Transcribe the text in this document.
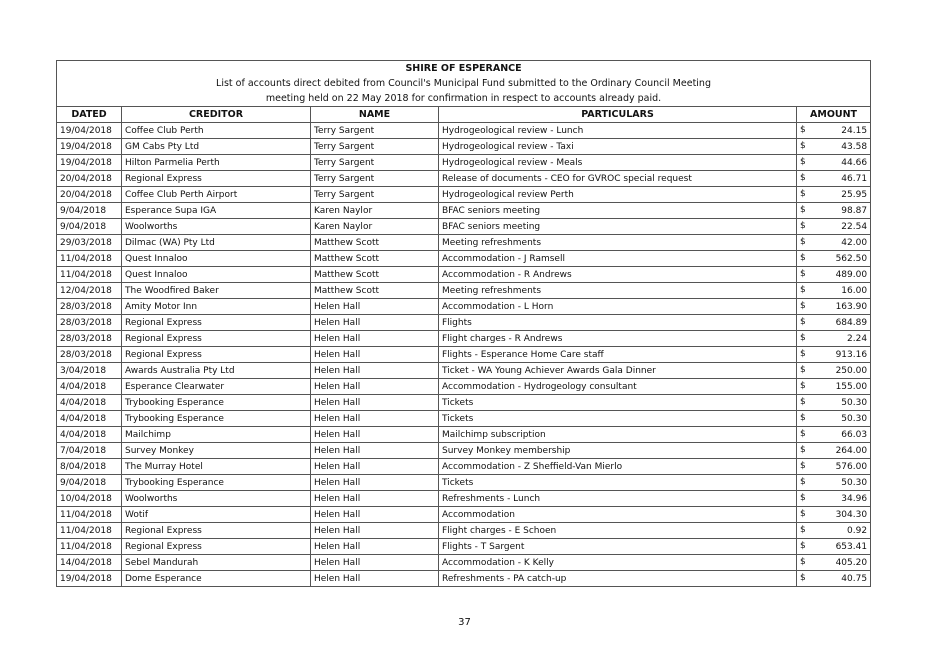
SHIRE OF ESPERANCE				
List of accounts direct debited from Council's Municipal Fund submitted to the Ordinary Council Meeting				
meeting held on 22 May 2018 for confirmation in respect to accounts already paid.				
DATED	CREDITOR	NAME	PARTICULARS	AMOUNT
19/04/2018	Coffee Club Perth	Terry Sargent	Hydrogeological review - Lunch	$ 24.15

19/04/2018	GM Cabs Pty Ltd	Terry Sargent	Hydrogeological review - Taxi	$ 43.58

19/04/2018	Hilton Parmelia Perth	Terry Sargent	Hydrogeological review - Meals	$ 44.66

20/04/2018	Regional Express	Terry Sargent	Release of documents - CEO for GVROC special request	$ 46.71

20/04/2018	Coffee Club Perth Airport	Terry Sargent	Hydrogeological review Perth	$ 25.95

9/04/2018	Esperance Supa IGA	Karen Naylor	BFAC seniors meeting	$ 98.87

9/04/2018	Woolworths	Karen Naylor	BFAC seniors meeting	$ 22.54

29/03/2018	Dilmac (WA) Pty Ltd	Matthew Scott	Meeting refreshments	$ 42.00

11/04/2018	Quest Innaloo	Matthew Scott	Accommodation - J Ramsell	$ 562.50

11/04/2018	Quest Innaloo	Matthew Scott	Accommodation - R Andrews	$ 489.00

12/04/2018	The Woodfired Baker	Matthew Scott	Meeting refreshments	$ 16.00

28/03/2018	Amity Motor Inn	Helen Hall	Accommodation - L Horn	$ 163.90

28/03/2018	Regional Express	Helen Hall	Flights	$ 684.89

28/03/2018	Regional Express	Helen Hall	Flight charges - R Andrews	$ 2.24

28/03/2018	Regional Express	Helen Hall	Flights - Esperance Home Care staff	$ 913.16

3/04/2018	Awards Australia Pty Ltd	Helen Hall	Ticket - WA Young Achiever Awards Gala Dinner	$ 250.00

4/04/2018	Esperance Clearwater	Helen Hall	Accommodation - Hydrogeology consultant	$ 155.00

4/04/2018	Trybooking Esperance	Helen Hall	Tickets	$ 50.30

4/04/2018	Trybooking Esperance	Helen Hall	Tickets	$ 50.30

4/04/2018	Mailchimp	Helen Hall	Mailchimp subscription	$ 66.03

7/04/2018	Survey Monkey	Helen Hall	Survey Monkey membership	$ 264.00

8/04/2018	The Murray Hotel	Helen Hall	Accommodation - Z Sheffield-Van Mierlo	$ 576.00

9/04/2018	Trybooking Esperance	Helen Hall	Tickets	$ 50.30

10/04/2018	Woolworths	Helen Hall	Refreshments - Lunch	$ 34.96

11/04/2018	Wotif	Helen Hall	Accommodation	$ 304.30

11/04/2018	Regional Express	Helen Hall	Flight charges - E Schoen	$ 0.92

11/04/2018	Regional Express	Helen Hall	Flights - T Sargent	$ 653.41

14/04/2018	Sebel Mandurah	Helen Hall	Accommodation - K Kelly	$ 405.20

19/04/2018	Dome Esperance	Helen Hall	Refreshments - PA catch-up	$ 40.75
37
